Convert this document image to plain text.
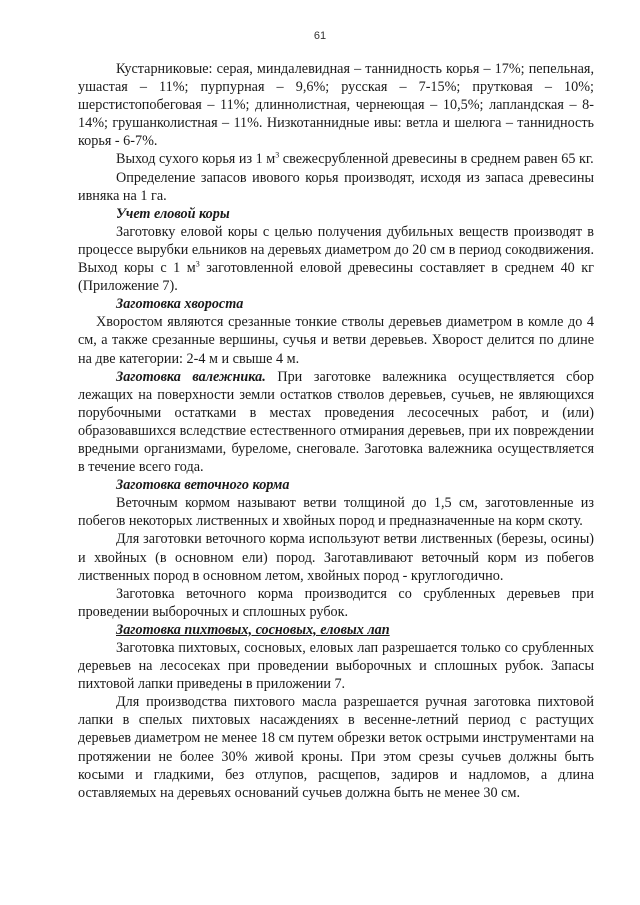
61

Кустарниковые: серая, миндалевидная – таннидность корья – 17%; пепельная, ушастая – 11%; пурпурная – 9,6%; русская – 7-15%; прутковая – 10%; шерстистопобеговая – 11%; длиннолистная, чернеющая – 10,5%; лапландская – 8-14%; грушанколистная – 11%. Низкотаннидные ивы: ветла и шелюга – таннидность корья - 6-7%.

Выход сухого корья из 1 $м^3$ свежесрубленной древесины в среднем равен 65 кг.

Определение запасов ивового корья производят, исходя из запаса древесины ивняка на 1 га.

Учет еловой коры

Заготовку еловой коры с целью получения дубильных веществ производят в процессе вырубки ельников на деревьях диаметром до 20 см в период сокодвижения. Выход коры с 1 $м^3$ заготовленной еловой древесины составляет в среднем 40 кг (Приложение 7).

Заготовка хвороста

Хворостом являются срезанные тонкие стволы деревьев диаметром в комле до 4 см, а также срезанные вершины, сучья и ветви деревьев. Хворост делится по длине на две категории: 2-4 м и свыше 4 м.

Заготовка валежника. При заготовке валежника осуществляется сбор лежащих на поверхности земли остатков стволов деревьев, сучьев, не являющихся порубочными остатками в местах проведения лесосечных работ, и (или) образовавшихся вследствие естественного отмирания деревьев, при их повреждении вредными организмами, буреломе, снеговале. Заготовка валежника осуществляется в течение всего года.

Заготовка веточного корма

Веточным кормом называют ветви толщиной до 1,5 см, заготовленные из побегов некоторых лиственных и хвойных пород и предназначенные на корм скоту.

Для заготовки веточного корма используют ветви лиственных (березы, осины) и хвойных (в основном ели) пород. Заготавливают веточный корм из побегов лиственных пород в основном летом, хвойных пород - круглогодично.

Заготовка веточного корма производится со срубленных деревьев при проведении выборочных и сплошных рубок.

Заготовка пихтовых, сосновых, еловых лап

Заготовка пихтовых, сосновых, еловых лап разрешается только со срубленных деревьев на лесосеках при проведении выборочных и сплошных рубок. Запасы пихтовой лапки приведены в приложении 7.

Для производства пихтового масла разрешается ручная заготовка пихтовой лапки в спелых пихтовых насаждениях в весенне-летний период с растущих деревьев диаметром не менее 18 см путем обрезки веток острыми инструментами на протяжении не более 30% живой кроны. При этом срезы сучьев должны быть косыми и гладкими, без отлупов, расщепов, задиров и надломов, а длина оставляемых на деревьях оснований сучьев должна быть не менее 30 см.
